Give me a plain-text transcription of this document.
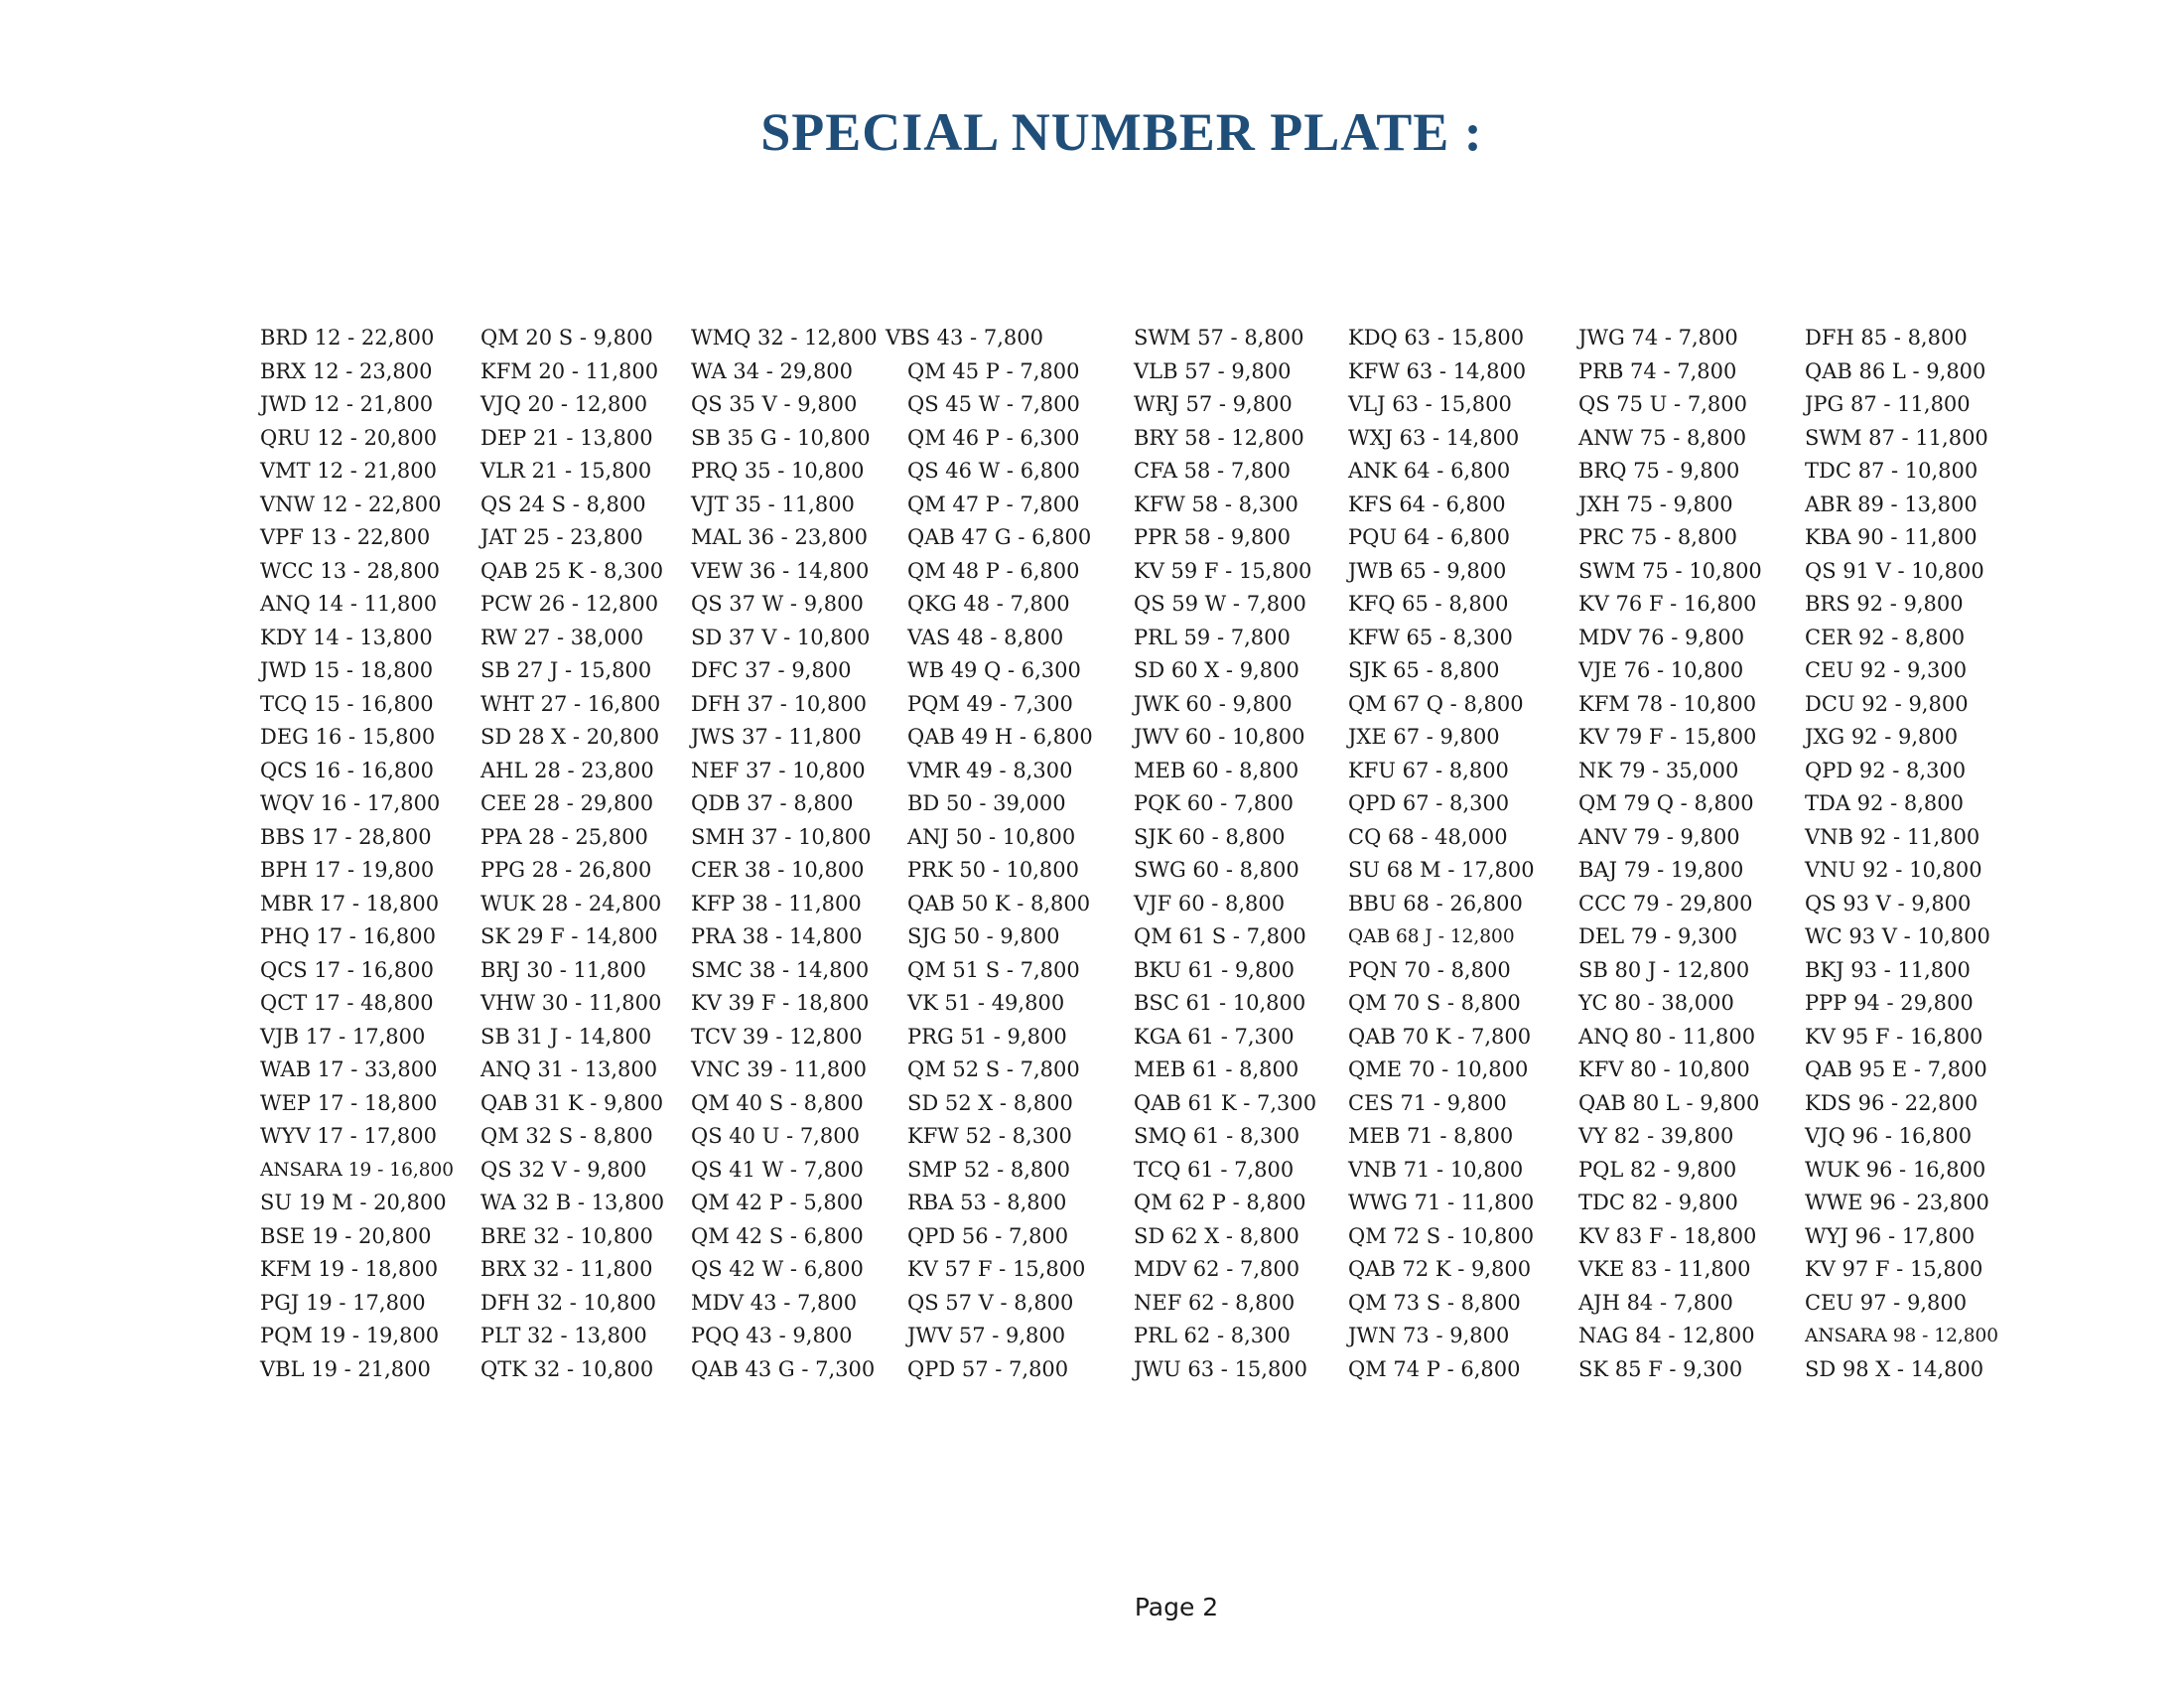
SPECIAL NUMBER PLATE :
BRD 12 - 22,800
BRX 12 - 23,800
JWD 12 - 21,800
QRU 12 - 20,800
VMT 12 - 21,800
VNW 12 - 22,800
VPF 13 - 22,800
WCC 13 - 28,800
ANQ 14 - 11,800
KDY 14 - 13,800
JWD 15 - 18,800
TCQ 15 - 16,800
DEG 16 - 15,800
QCS 16 - 16,800
WQV 16 - 17,800
BBS 17 - 28,800
BPH 17 - 19,800
MBR 17 - 18,800
PHQ 17 - 16,800
QCS 17 - 16,800
QCT 17 - 48,800
VJB 17 - 17,800
WAB 17 - 33,800
WEP 17 - 18,800
WYV 17 - 17,800
ANSARA 19 - 16,800
SU 19 M - 20,800
BSE 19 - 20,800
KFM 19 - 18,800
PGJ 19 - 17,800
PQM 19 - 19,800
VBL 19 - 21,800
QM 20 S - 9,800
KFM 20 - 11,800
VJQ 20 - 12,800
DEP 21 - 13,800
VLR 21 - 15,800
QS 24 S - 8,800
JAT 25 - 23,800
QAB 25 K - 8,300
PCW 26 - 12,800
RW 27 - 38,000
SB 27 J - 15,800
WHT 27 - 16,800
SD 28 X - 20,800
AHL 28 - 23,800
CEE 28 - 29,800
PPA 28 - 25,800
PPG 28 - 26,800
WUK 28 - 24,800
SK 29 F - 14,800
BRJ 30 - 11,800
VHW 30 - 11,800
SB 31 J - 14,800
ANQ 31 - 13,800
QAB 31 K - 9,800
QM 32 S - 8,800
QS 32 V - 9,800
WA 32 B - 13,800
BRE 32 - 10,800
BRX 32 - 11,800
DFH 32 - 10,800
PLT 32 - 13,800
QTK 32 - 10,800
WMQ 32 - 12,800
WA 34 - 29,800
QS 35 V - 9,800
SB 35 G - 10,800
PRQ 35 - 10,800
VJT 35 - 11,800
MAL 36 - 23,800
VEW 36 - 14,800
QS 37 W - 9,800
SD 37 V - 10,800
DFC 37 - 9,800
DFH 37 - 10,800
JWS 37 - 11,800
NEF 37 - 10,800
QDB 37 - 8,800
SMH 37 - 10,800
CER 38 - 10,800
KFP 38 - 11,800
PRA 38 - 14,800
SMC 38 - 14,800
KV 39 F - 18,800
TCV 39 - 12,800
VNC 39 - 11,800
QM 40 S - 8,800
QS 40 U - 7,800
QS 41 W - 7,800
QM 42 P - 5,800
QM 42 S - 6,800
QS 42 W - 6,800
MDV 43 - 7,800
PQQ 43 - 9,800
QAB 43 G - 7,300
VBS 43 - 7,800
QM 45 P - 7,800
QS 45 W - 7,800
QM 46 P - 6,300
QS 46 W - 6,800
QM 47 P - 7,800
QAB 47 G - 6,800
QM 48 P - 6,800
QKG 48 - 7,800
VAS 48 - 8,800
WB 49 Q - 6,300
PQM 49 - 7,300
QAB 49 H - 6,800
VMR 49 - 8,300
BD 50 - 39,000
ANJ 50 - 10,800
PRK 50 - 10,800
QAB 50 K - 8,800
SJG 50 - 9,800
QM 51 S - 7,800
VK 51 - 49,800
PRG 51 - 9,800
QM 52 S - 7,800
SD 52 X - 8,800
KFW 52 - 8,300
SMP 52 - 8,800
RBA 53 - 8,800
QPD 56 - 7,800
KV 57 F - 15,800
QS 57 V - 8,800
JWV 57 - 9,800
QPD 57 - 7,800
SWM 57 - 8,800
VLB 57 - 9,800
WRJ 57 - 9,800
BRY 58 - 12,800
CFA 58 - 7,800
KFW 58 - 8,300
PPR 58 - 9,800
KV 59 F - 15,800
QS 59 W - 7,800
PRL 59 - 7,800
SD 60 X - 9,800
JWK 60 - 9,800
JWV 60 - 10,800
MEB 60 - 8,800
PQK 60 - 7,800
SJK 60 - 8,800
SWG 60 - 8,800
VJF 60 - 8,800
QM 61 S - 7,800
BKU 61 - 9,800
BSC 61 - 10,800
KGA 61 - 7,300
MEB 61 - 8,800
QAB 61 K - 7,300
SMQ 61 - 8,300
TCQ 61 - 7,800
QM 62 P - 8,800
SD 62 X - 8,800
MDV 62 - 7,800
NEF 62 - 8,800
PRL 62 - 8,300
JWU 63 - 15,800
KDQ 63 - 15,800
KFW 63 - 14,800
VLJ 63 - 15,800
WXJ 63 - 14,800
ANK 64 - 6,800
KFS 64 - 6,800
PQU 64 - 6,800
JWB 65 - 9,800
KFQ 65 - 8,800
KFW 65 - 8,300
SJK 65 - 8,800
QM 67 Q - 8,800
JXE 67 - 9,800
KFU 67 - 8,800
QPD 67 - 8,300
CQ 68 - 48,000
SU 68 M - 17,800
BBU 68 - 26,800
QAB 68 J - 12,800
PQN 70 - 8,800
QM 70 S - 8,800
QAB 70 K - 7,800
QME 70 - 10,800
CES 71 - 9,800
MEB 71 - 8,800
VNB 71 - 10,800
WWG 71 - 11,800
QM 72 S - 10,800
QAB 72 K - 9,800
QM 73 S - 8,800
JWN 73 - 9,800
QM 74 P - 6,800
JWG 74 - 7,800
PRB 74 - 7,800
QS 75 U - 7,800
ANW 75 - 8,800
BRQ 75 - 9,800
JXH 75 - 9,800
PRC 75 - 8,800
SWM 75 - 10,800
KV 76 F - 16,800
MDV 76 - 9,800
VJE 76 - 10,800
KFM 78 - 10,800
KV 79 F - 15,800
NK 79 - 35,000
QM 79 Q - 8,800
ANV 79 - 9,800
BAJ 79 - 19,800
CCC 79 - 29,800
DEL 79 - 9,300
SB 80 J - 12,800
YC 80 - 38,000
ANQ 80 - 11,800
KFV 80 - 10,800
QAB 80 L - 9,800
VY 82 - 39,800
PQL 82 - 9,800
TDC 82 - 9,800
KV 83 F - 18,800
VKE 83 - 11,800
AJH 84 - 7,800
NAG 84 - 12,800
SK 85 F - 9,300
DFH 85 - 8,800
QAB 86 L - 9,800
JPG 87 - 11,800
SWM 87 - 11,800
TDC 87 - 10,800
ABR 89 - 13,800
KBA 90 - 11,800
QS 91 V - 10,800
BRS 92 - 9,800
CER 92 - 8,800
CEU 92 - 9,300
DCU 92 - 9,800
JXG 92 - 9,800
QPD 92 - 8,300
TDA 92 - 8,800
VNB 92 - 11,800
VNU 92 - 10,800
QS 93 V - 9,800
WC 93 V - 10,800
BKJ 93 - 11,800
PPP 94 - 29,800
KV 95 F - 16,800
QAB 95 E - 7,800
KDS 96 - 22,800
VJQ 96 - 16,800
WUK 96 - 16,800
WWE 96 - 23,800
WYJ 96 - 17,800
KV 97 F - 15,800
CEU 97 - 9,800
ANSARA 98 - 12,800
SD 98 X - 14,800
Page 2
